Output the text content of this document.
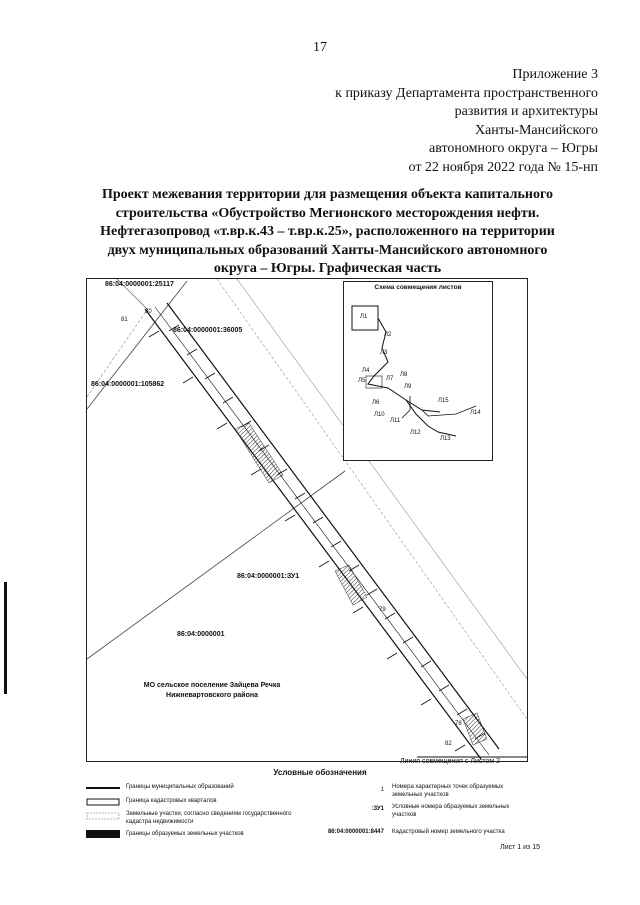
17
Приложение 3
к приказу Департамента пространственного
развития и архитектуры
Ханты-Мансийского
автономного округа – Югры
от 22 ноября 2022 года № 15-нп
Проект межевания территории для размещения объекта капитального
строительства «Обустройство Мегионского месторождения нефти.
Нефтегазопровод «т.вр.к.43 – т.вр.к.25», расположенного на территории
двух муниципальных образований Ханты-Мансийского автономного
округа – Югры. Графическая часть
86:04:0000001:25117
86:04:0000001:36005
86:04:0000001:105862
86:04:0000001:ЗУ1
86:04:0000001
80
81
79
78
82
МО сельское поселение Зайцева Речка
Нижневартовского района
Схема совмещения листов
Л1
Л2
Л3
Л4
Л5
Л6
Л7
Л8
Л9
Л10
Л11
Л12
Л13
Л14
Л15
Линия совмещения с Листом 2
Условные обозначения
Границы муниципальных образований
Граница кадастровых кварталов
Земельные участки, согласно сведениям государственного кадастра недвижимости
Границы образуемых земельных участков
1 Номера характерных точек образуемых земельных участков
:ЗУ1 Условные номера образуемых земельных участков
86:04:0000001:8447 Кадастровый номер земельного участка
Лист 1 из 15
